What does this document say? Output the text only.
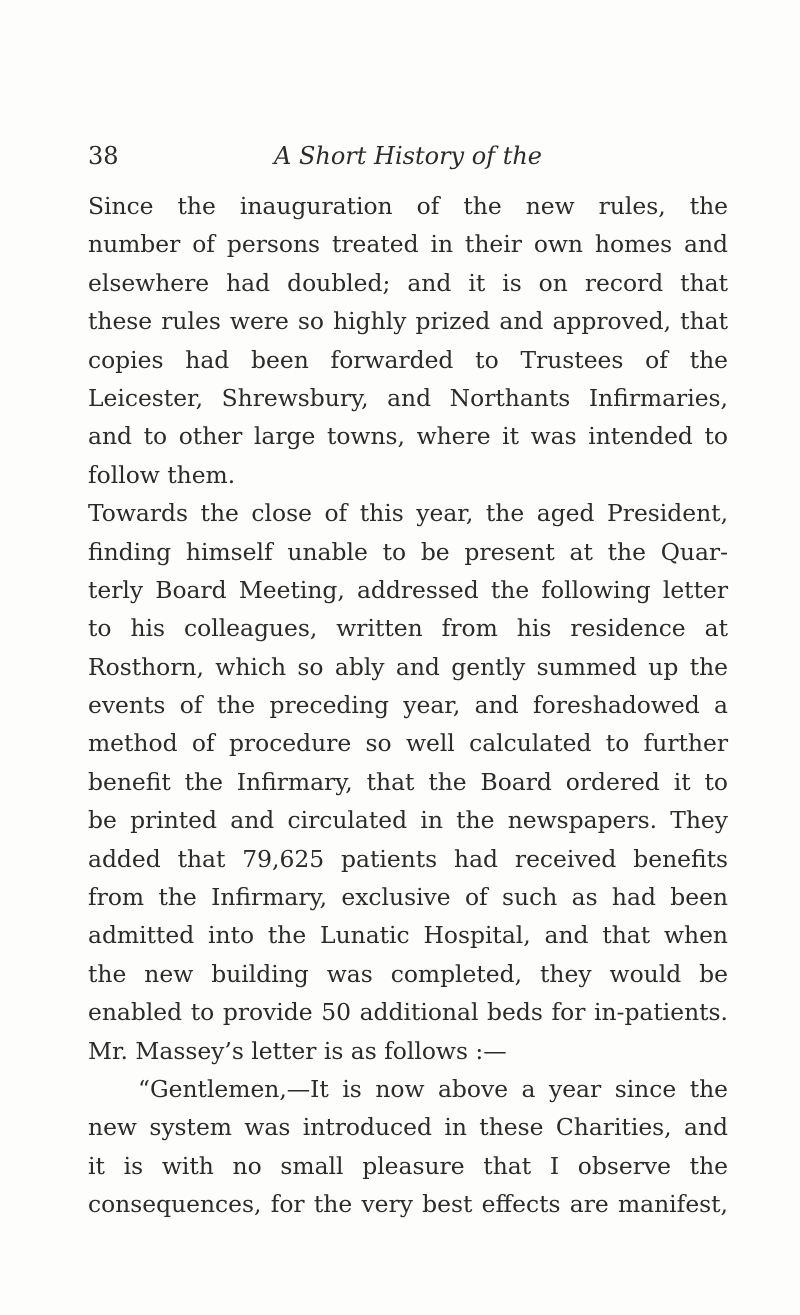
38	A Short History of the
Since the inauguration of the new rules, the
number of persons treated in their own homes and
elsewhere had doubled; and it is on record that
these rules were so highly prized and approved, that
copies had been forwarded to Trustees of the
Leicester, Shrewsbury, and Northants Infirmaries,
and to other large towns, where it was intended to
follow them.
Towards the close of this year, the aged President,
finding himself unable to be present at the Quar-
terly Board Meeting, addressed the following letter
to his colleagues, written from his residence at
Rosthorn, which so ably and gently summed up the
events of the preceding year, and foreshadowed a
method of procedure so well calculated to further
benefit the Infirmary, that the Board ordered it to
be printed and circulated in the newspapers. They
added that 79,625 patients had received benefits
from the Infirmary, exclusive of such as had been
admitted into the Lunatic Hospital, and that when
the new building was completed, they would be
enabled to provide 50 additional beds for in-patients.
Mr. Massey’s letter is as follows :—
“Gentlemen,—It is now above a year since the
new system was introduced in these Charities, and
it is with no small pleasure that I observe the
consequences, for the very best effects are manifest,
